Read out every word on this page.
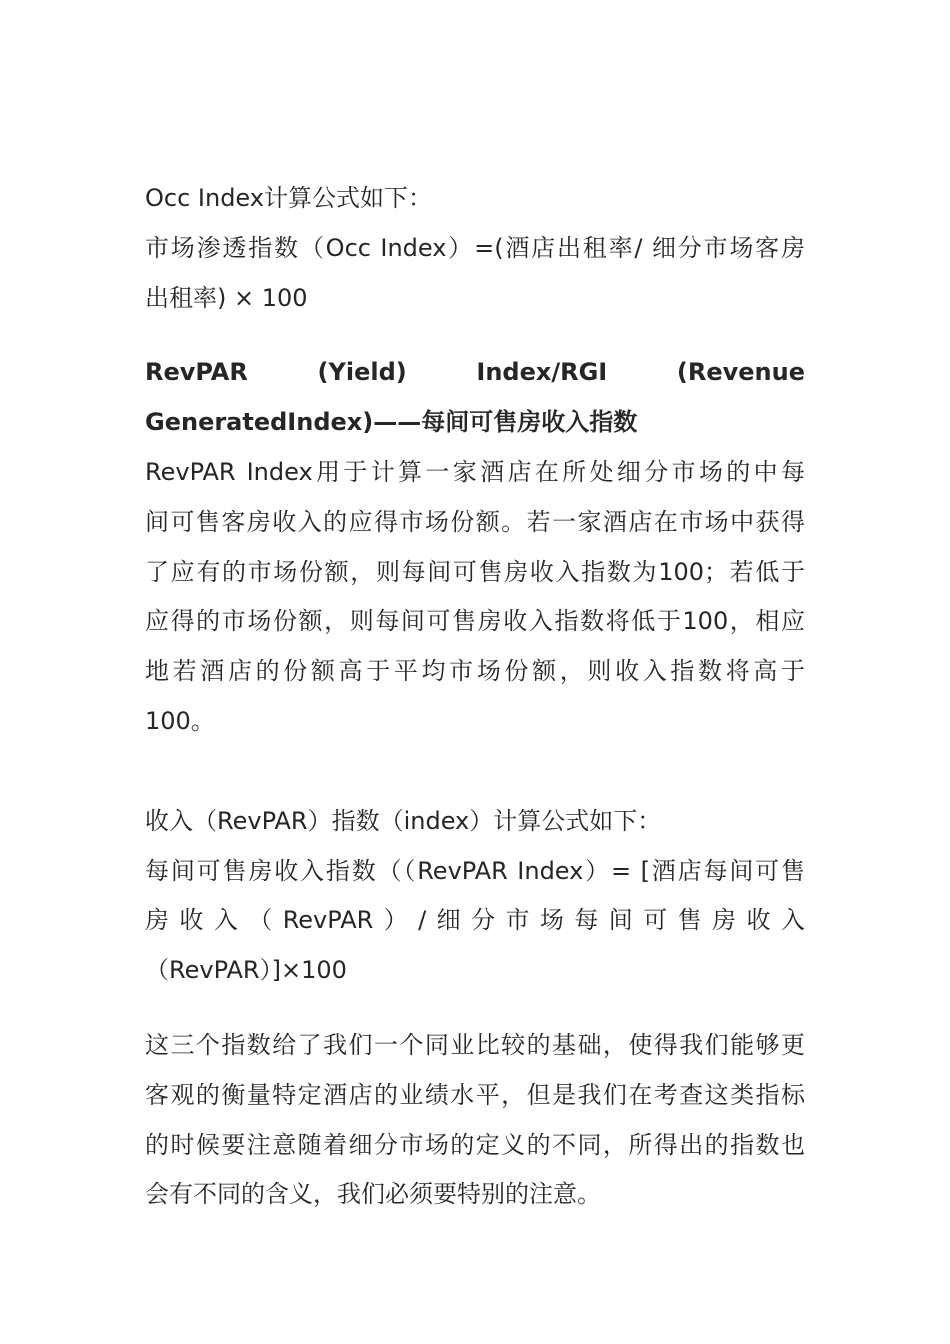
Occ Index计算公式如下：
市场渗透指数（Occ Index）=(酒店出租率/ 细分市场客房
出租率) × 100
RevPAR	(Yield)	Index/RGI	(Revenue
GeneratedIndex)——每间可售房收入指数
RevPAR Index用于计算一家酒店在所处细分市场的中每
间可售客房收入的应得市场份额。若一家酒店在市场中获得
了应有的市场份额，则每间可售房收入指数为100；若低于
应得的市场份额，则每间可售房收入指数将低于100，相应
地若酒店的份额高于平均市场份额，则收入指数将高于
100。
收入（RevPAR）指数（index）计算公式如下：
每间可售房收入指数（（RevPAR Index）= [酒店每间可售
房 收 入 （ RevPAR ） / 细 分 市 场 每 间 可 售 房 收 入
（RevPAR）]×100
这三个指数给了我们一个同业比较的基础，使得我们能够更
客观的衡量特定酒店的业绩水平，但是我们在考查这类指标
的时候要注意随着细分市场的定义的不同，所得出的指数也
会有不同的含义，我们必须要特别的注意。
